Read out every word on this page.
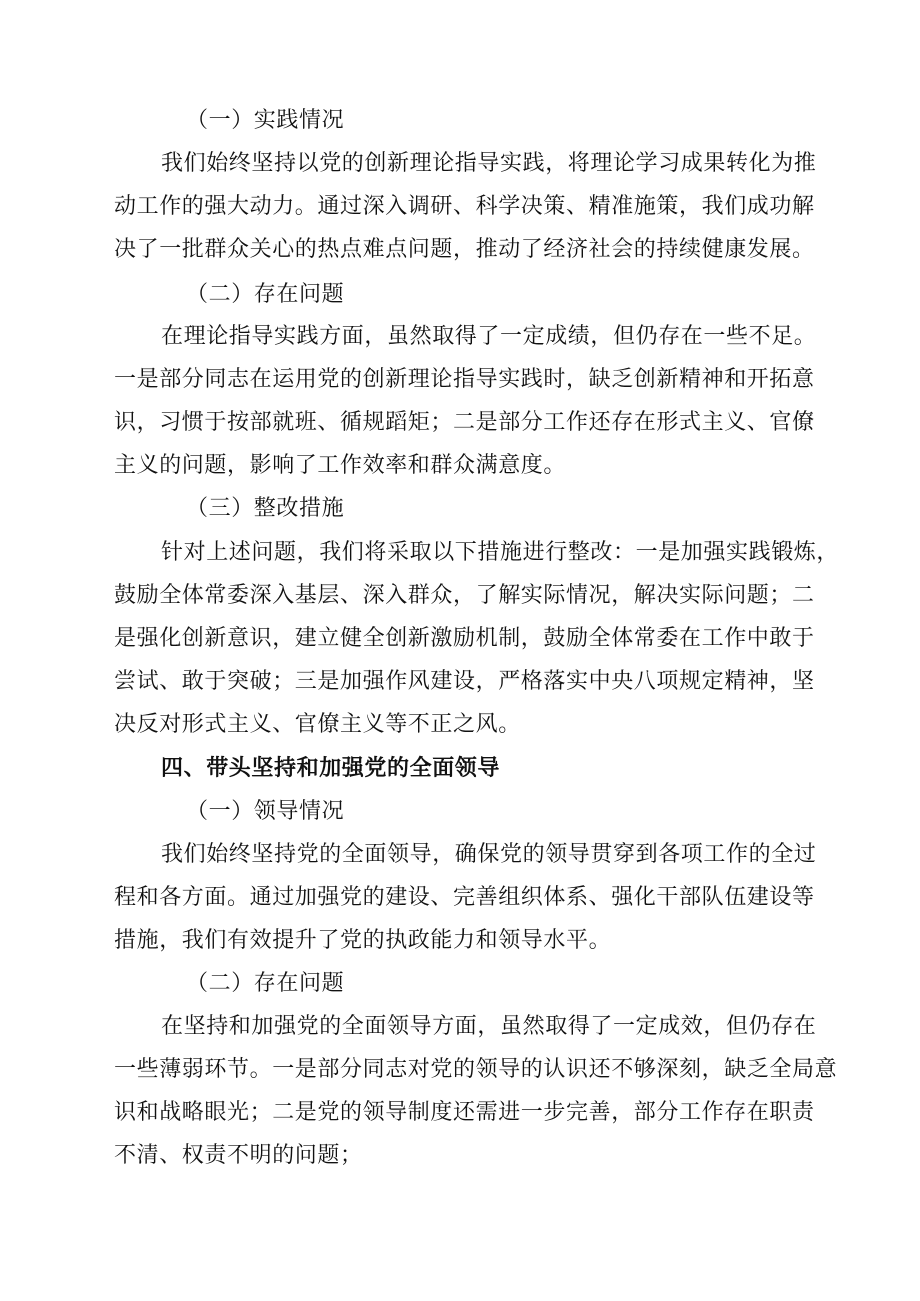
（一）实践情况
我们始终坚持以党的创新理论指导实践，将理论学习成果转化为推
动工作的强大动力。通过深入调研、科学决策、精准施策，我们成功解
决了一批群众关心的热点难点问题，推动了经济社会的持续健康发展。
（二）存在问题
在理论指导实践方面，虽然取得了一定成绩，但仍存在一些不足。
一是部分同志在运用党的创新理论指导实践时，缺乏创新精神和开拓意
识，习惯于按部就班、循规蹈矩；二是部分工作还存在形式主义、官僚
主义的问题，影响了工作效率和群众满意度。
（三）整改措施
针对上述问题，我们将采取以下措施进行整改：一是加强实践锻炼，
鼓励全体常委深入基层、深入群众，了解实际情况，解决实际问题；二
是强化创新意识，建立健全创新激励机制，鼓励全体常委在工作中敢于
尝试、敢于突破；三是加强作风建设，严格落实中央八项规定精神，坚
决反对形式主义、官僚主义等不正之风。
四、带头坚持和加强党的全面领导
（一）领导情况
我们始终坚持党的全面领导，确保党的领导贯穿到各项工作的全过
程和各方面。通过加强党的建设、完善组织体系、强化干部队伍建设等
措施，我们有效提升了党的执政能力和领导水平。
（二）存在问题
在坚持和加强党的全面领导方面，虽然取得了一定成效，但仍存在
一些薄弱环节。一是部分同志对党的领导的认识还不够深刻，缺乏全局意
识和战略眼光；二是党的领导制度还需进一步完善，部分工作存在职责
不清、权责不明的问题；
